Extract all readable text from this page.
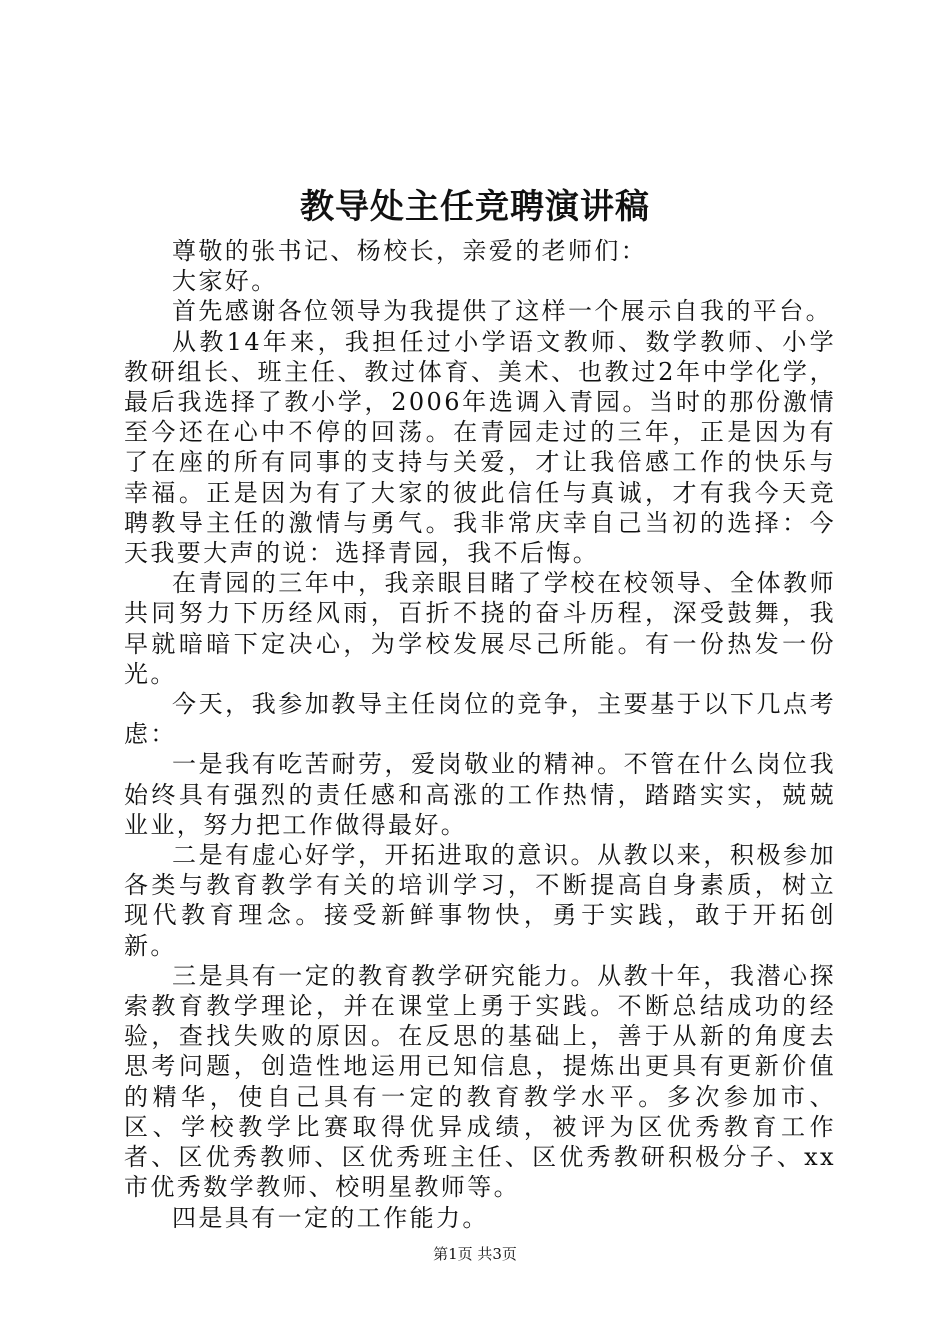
教导处主任竞聘演讲稿

尊敬的张书记、杨校长，亲爱的老师们：

大家好。

首先感谢各位领导为我提供了这样一个展示自我的平台。

从教14年来，我担任过小学语文教师、数学教师、小学教研组长、班主任、教过体育、美术、也教过2年中学化学，最后我选择了教小学，2006年选调入青园。当时的那份激情至今还在心中不停的回荡。在青园走过的三年，正是因为有了在座的所有同事的支持与关爱，才让我倍感工作的快乐与幸福。正是因为有了大家的彼此信任与真诚，才有我今天竞聘教导主任的激情与勇气。我非常庆幸自己当初的选择：今天我要大声的说：选择青园，我不后悔。

在青园的三年中，我亲眼目睹了学校在校领导、全体教师共同努力下历经风雨，百折不挠的奋斗历程，深受鼓舞，我早就暗暗下定决心，为学校发展尽己所能。有一份热发一份光。

今天，我参加教导主任岗位的竞争，主要基于以下几点考虑：

一是我有吃苦耐劳，爱岗敬业的精神。不管在什么岗位我始终具有强烈的责任感和高涨的工作热情，踏踏实实，兢兢业业，努力把工作做得最好。

二是有虚心好学，开拓进取的意识。从教以来，积极参加各类与教育教学有关的培训学习，不断提高自身素质，树立现代教育理念。接受新鲜事物快，勇于实践，敢于开拓创新。

三是具有一定的教育教学研究能力。从教十年，我潜心探索教育教学理论，并在课堂上勇于实践。不断总结成功的经验，查找失败的原因。在反思的基础上，善于从新的角度去思考问题，创造性地运用已知信息，提炼出更具有更新价值的精华，使自己具有一定的教育教学水平。多次参加市、区、学校教学比赛取得优异成绩，被评为区优秀教育工作者、区优秀教师、区优秀班主任、区优秀教研积极分子、xx市优秀数学教师、校明星教师等。

四是具有一定的工作能力。

第1页 共3页
